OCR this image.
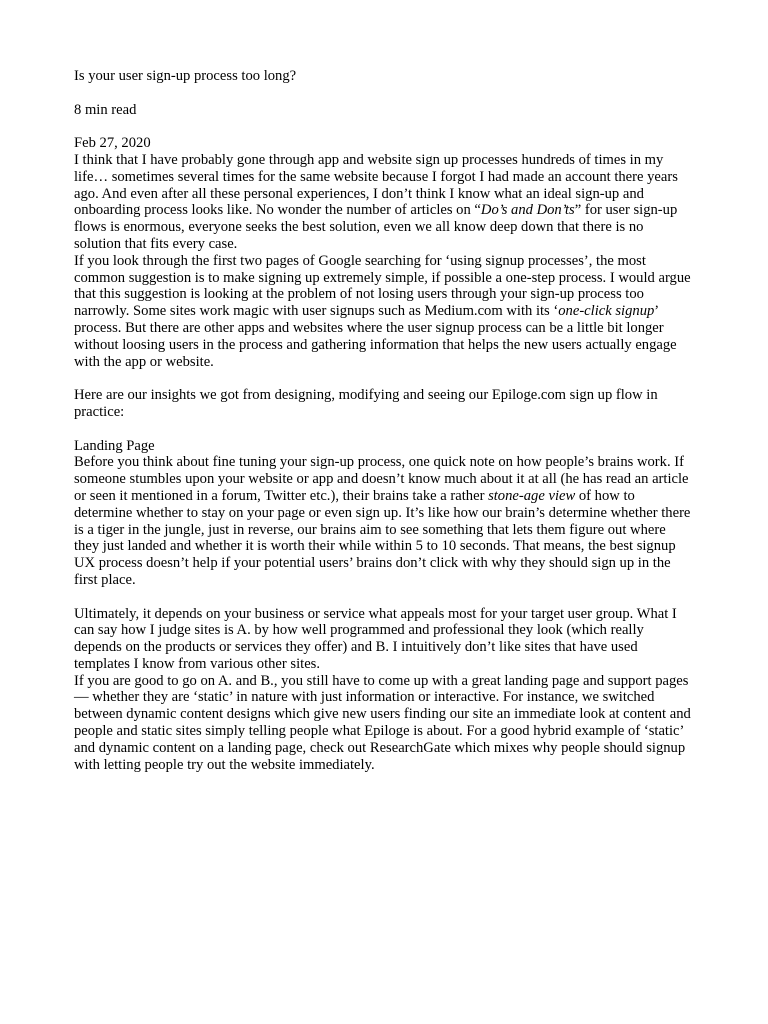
Is your user sign-up process too long?
8 min read
Feb 27, 2020

I think that I have probably gone through app and website sign up processes hundreds of times in my life… sometimes several times for the same website because I forgot I had made an account there years ago. And even after all these personal experiences, I don’t think I know what an ideal sign-up and onboarding process looks like. No wonder the number of articles on “Do’s and Don’ts” for user sign-up flows is enormous, everyone seeks the best solution, even we all know deep down that there is no solution that fits every case.

If you look through the first two pages of Google searching for ‘using signup processes’, the most common suggestion is to make signing up extremely simple, if possible a one-step process. I would argue that this suggestion is looking at the problem of not losing users through your sign-up process too narrowly. Some sites work magic with user signups such as Medium.com with its ‘one-click signup’ process. But there are other apps and websites where the user signup process can be a little bit longer without loosing users in the process and gathering information that helps the new users actually engage with the app or website.

Here are our insights we got from designing, modifying and seeing our Epiloge.com sign up flow in practice:

Landing Page

Before you think about fine tuning your sign-up process, one quick note on how people’s brains work. If someone stumbles upon your website or app and doesn’t know much about it at all (he has read an article or seen it mentioned in a forum, Twitter etc.), their brains take a rather stone-age view of how to determine whether to stay on your page or even sign up. It’s like how our brain’s determine whether there is a tiger in the jungle, just in reverse, our brains aim to see something that lets them figure out where they just landed and whether it is worth their while within 5 to 10 seconds. That means, the best signup UX process doesn’t help if your potential users’ brains don’t click with why they should sign up in the first place.

Ultimately, it depends on your business or service what appeals most for your target user group. What I can say how I judge sites is A. by how well programmed and professional they look (which really depends on the products or services they offer) and B. I intuitively don’t like sites that have used templates I know from various other sites.

If you are good to go on A. and B., you still have to come up with a great landing page and support pages — whether they are ‘static’ in nature with just information or interactive. For instance, we switched between dynamic content designs which give new users finding our site an immediate look at content and people and static sites simply telling people what Epiloge is about. For a good hybrid example of ‘static’ and dynamic content on a landing page, check out ResearchGate which mixes why people should signup with letting people try out the website immediately.
